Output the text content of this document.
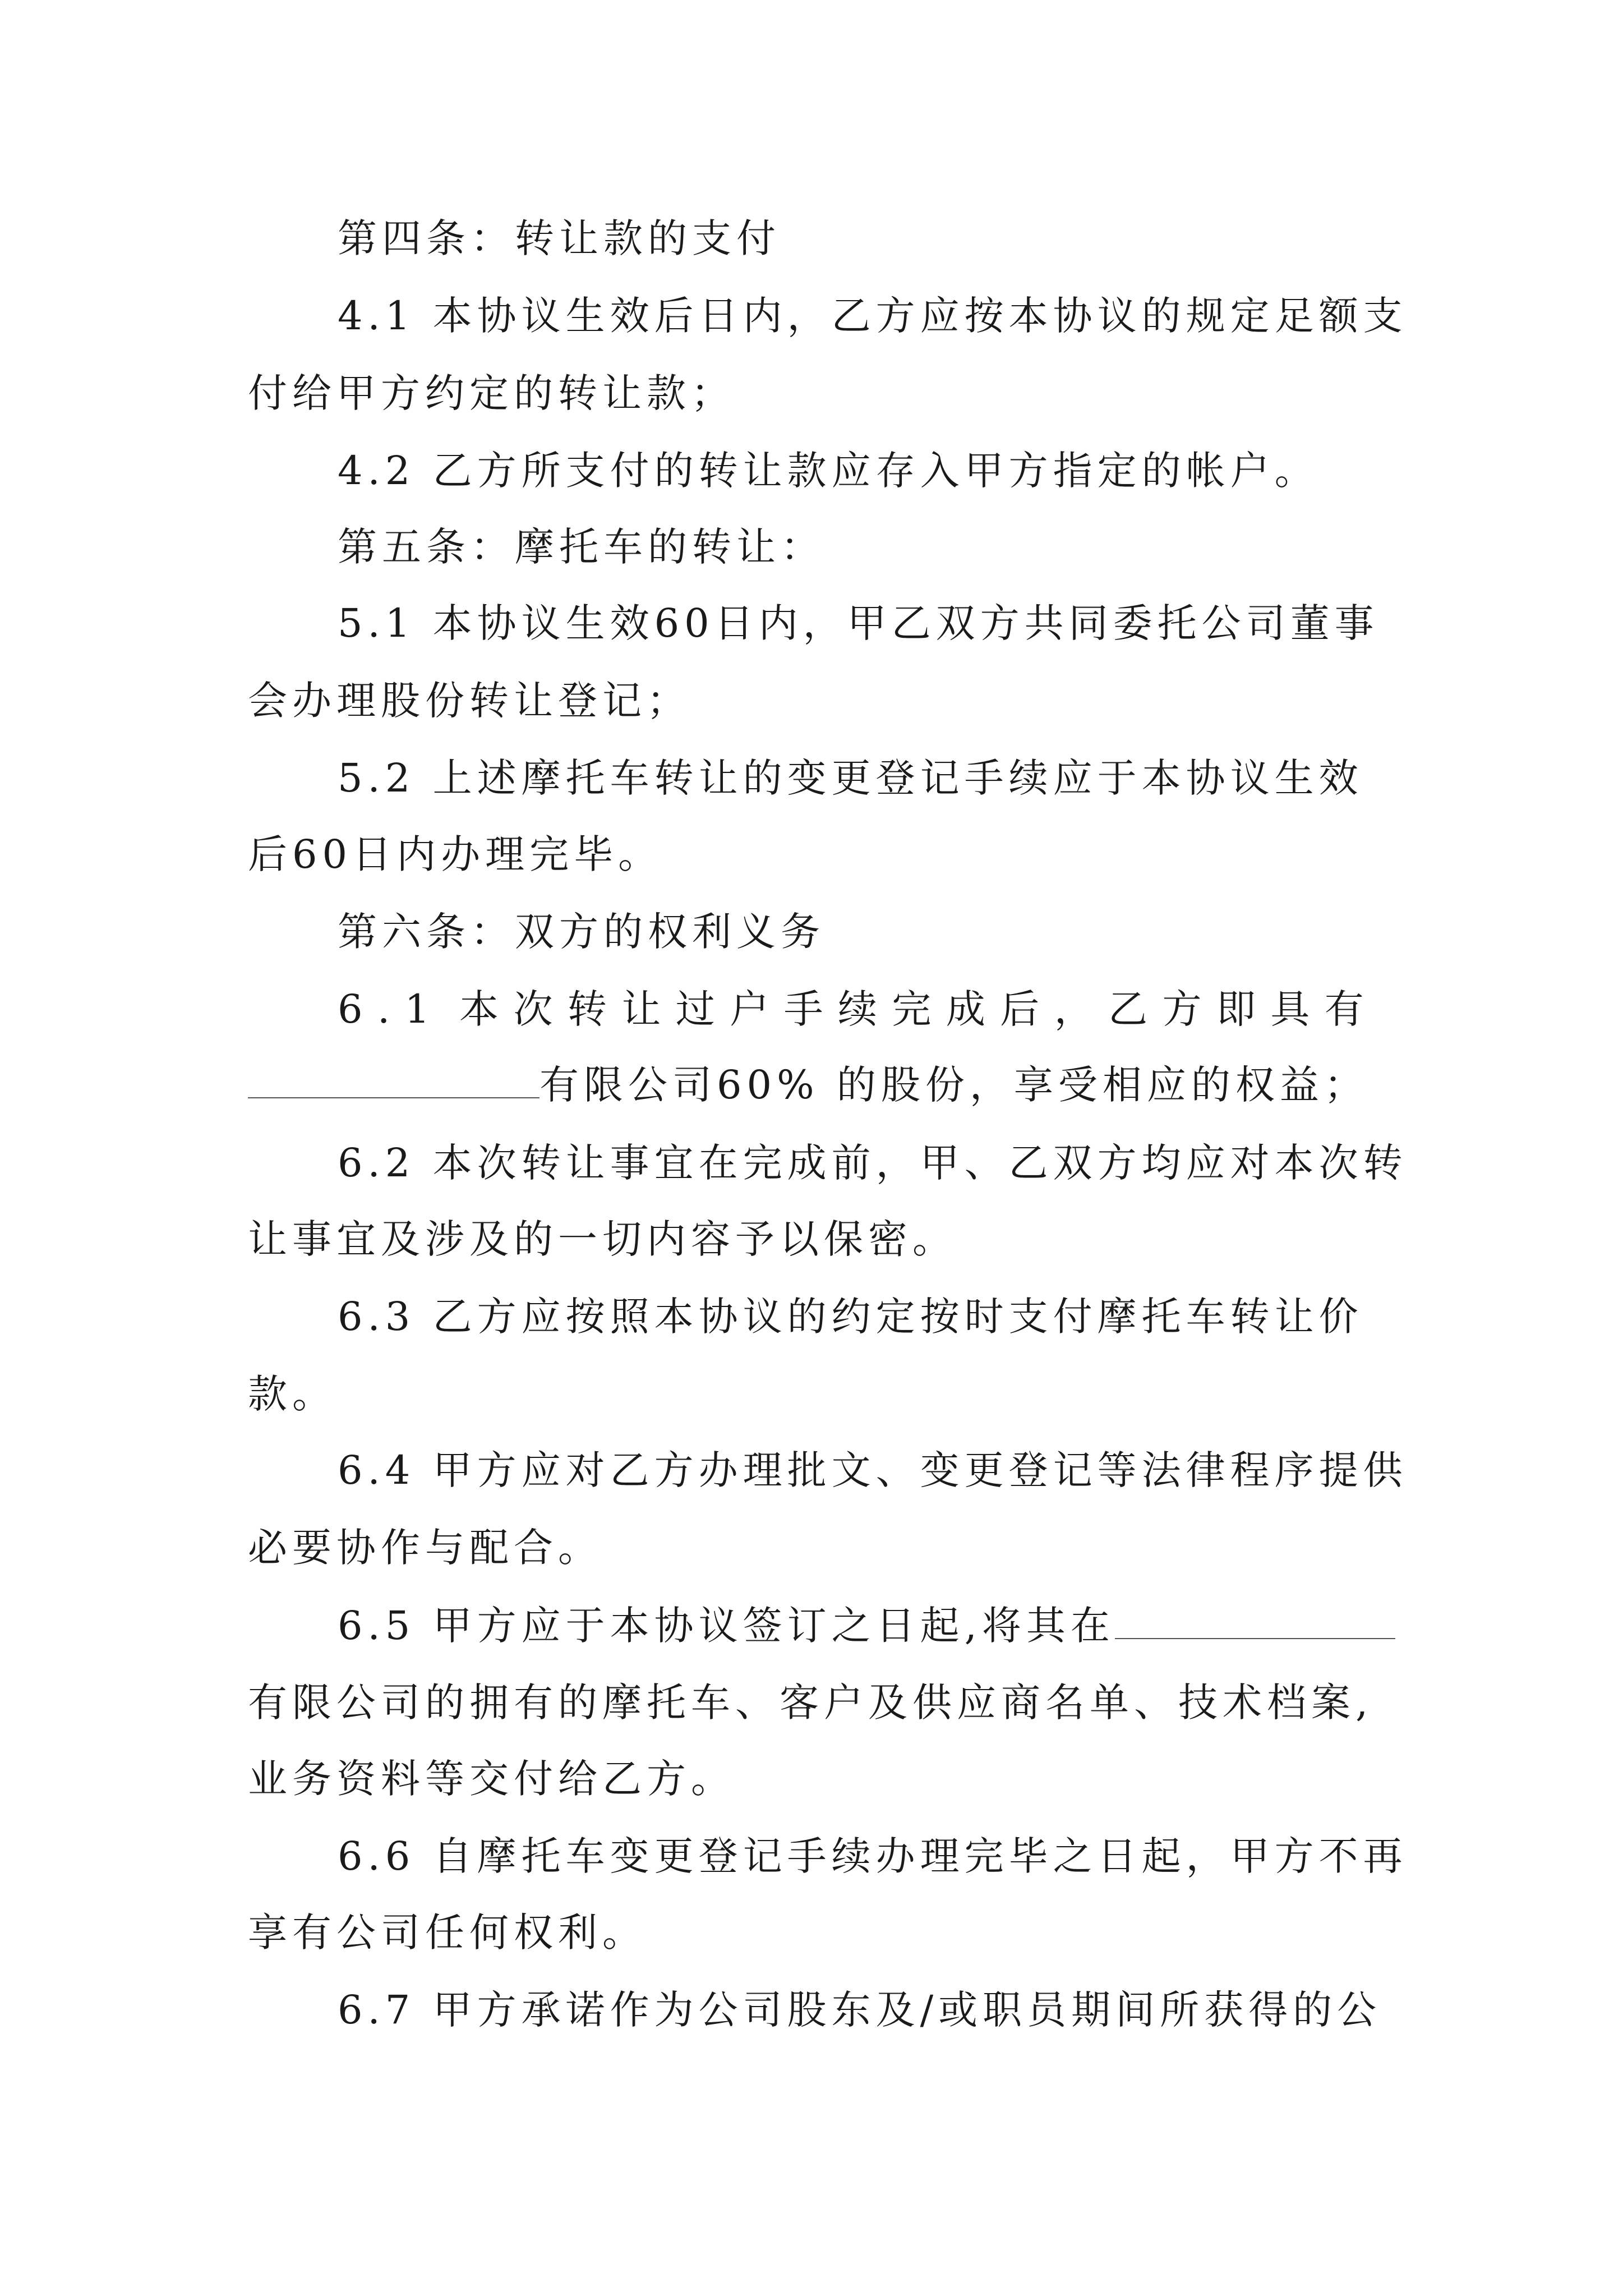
第四条：转让款的支付
4.1 本协议生效后日内，乙方应按本协议的规定足额支
付给甲方约定的转让款；
4.2 乙方所支付的转让款应存入甲方指定的帐户。
第五条：摩托车的转让：
5.1 本协议生效60日内，甲乙双方共同委托公司董事
会办理股份转让登记；
5.2 上述摩托车转让的变更登记手续应于本协议生效
后60日内办理完毕。
第六条：双方的权利义务
6 . 1 本 次 转 让 过 户 手 续 完 成 后 ， 乙 方 即 具 有
有限公司60% 的股份，享受相应的权益；
6.2 本次转让事宜在完成前，甲、乙双方均应对本次转
让事宜及涉及的一切内容予以保密。
6.3 乙方应按照本协议的约定按时支付摩托车转让价
款。
6.4 甲方应对乙方办理批文、变更登记等法律程序提供
必要协作与配合。
6.5 甲方应于本协议签订之日起,将其在
有限公司的拥有的摩托车、客户及供应商名单、技术档案,
业务资料等交付给乙方。
6.6 自摩托车变更登记手续办理完毕之日起，甲方不再
享有公司任何权利。
6.7 甲方承诺作为公司股东及/或职员期间所获得的公
